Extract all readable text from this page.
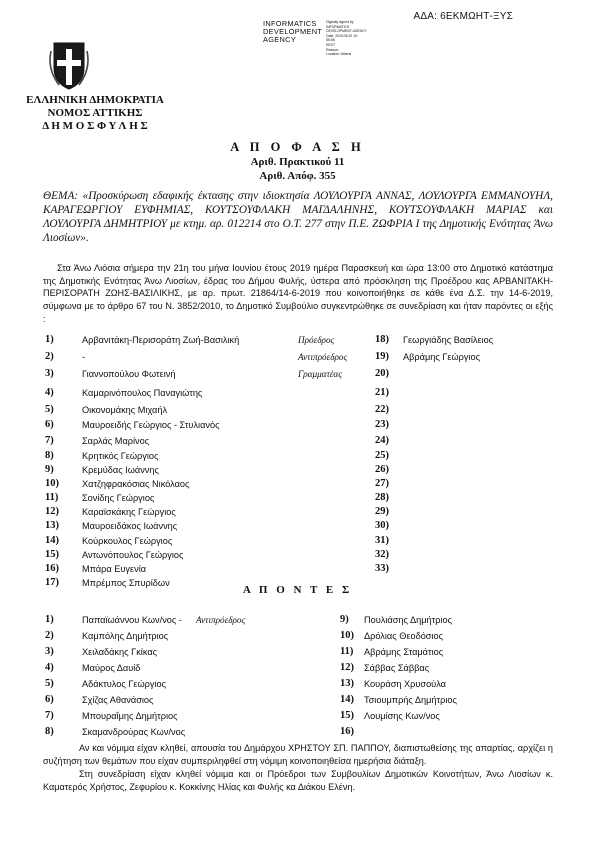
ΑΔΑ: 6ΕΚΜΩΗΤ-ΞΥΣ
INFORMATICS
DEVELOPMENT
AGENCY
Digitally signed by
INFORMATICS
DEVELOPMENT AGENCY
Date: 2019.06.20 10:
55:08
EEST
Reason:
Location: Athens
ΕΛΛΗΝΙΚΗ ΔΗΜΟΚΡΑΤΙΑ
ΝΟΜΟΣ ΑΤΤΙΚΗΣ
Δ Η Μ Ο Σ Φ Υ Λ Η Σ
Α Π Ο Φ Α Σ Η
Αριθ. Πρακτικού 11
Αριθ. Απόφ. 355
ΘΕΜΑ: «Προσκύρωση εδαφικής έκτασης στην ιδιοκτησία ΛΟΥΛΟΥΡΓΑ ΑΝΝΑΣ, ΛΟΥΛΟΥΡΓΑ ΕΜΜΑΝΟΥΗΛ, ΚΑΡΑΓΕΩΡΓΙΟΥ ΕΥΦΗΜΙΑΣ, ΚΟΥΤΣΟΥΦΛΑΚΗ ΜΑΓΔΑΛΗΝΗΣ, ΚΟΥΤΣΟΥΦΛΑΚΗ ΜΑΡΙΑΣ και ΛΟΥΛΟΥΡΓΑ ΔΗΜΗΤΡΙΟΥ με κτημ. αρ. 012214 στο Ο.Τ. 277 στην Π.Ε. ΖΩΦΡΙΑ Ι της Δημοτικής Ενότητας Άνω Λιοσίων».
Στα Άνω Λιόσια σήμερα την 21η του μήνα Ιουνίου έτους 2019 ημέρα Παρασκευή και ώρα 13:00 στο Δημοτικό κατάστημα της Δημοτικής Ενότητας Άνω Λιοσίων, έδρας του Δήμου Φυλής, ύστερα από πρόσκληση της Προέδρου κας ΑΡΒΑΝΙΤΑΚΗ-ΠΕΡΙΣΟΡΑΤΗ ΖΩΗΣ-ΒΑΣΙΛΙΚΗΣ, με αρ. πρωτ. 21864/14-6-2019 που κοινοποιήθηκε σε κάθε ένα Δ.Σ. την 14-6-2019, σύμφωνα με το άρθρο 67 του Ν. 3852/2010, το Δημοτικό Συμβούλιο συγκεντρώθηκε σε συνεδρίαση και ήταν παρόντες οι εξής :
1)	Αρβανιτάκη-Περισοράτη Ζωή-Βασιλική	Πρόεδρος
2)	-	Αντιπρόεδρος
3)	Γιαννοπούλου Φωτεινή	Γραμματέας
4)	Καμαρινόπουλος Παναγιώτης
5)	Οικονομάκης Μιχαήλ
6)	Μαυροειδής Γεώργιος - Στυλιανός
7)	Σαρλάς Μαρίνος
8)	Κρητικός Γεώργιος
9)	Κρεμύδας Ιωάννης
10)	Χατζηφρακόσιας Νικόλαος
11)	Σονίδης Γεώργιος
12)	Καραϊσκάκης Γεώργιος
13)	Μαυροειδάκος Ιωάννης
14)	Κούρκουλος Γεώργιος
15)	Αντωνόπουλος Γεώργιος
16)	Μπάρα Ευγενία
17)	Μπρέμπος Σπυρίδων
18) Γεωργιάδης Βασίλειος
19) Αβράμης Γεώργιος
20)
21)
22)
23)
24)
25)
26)
27)
28)
29)
30)
31)
32)
33)
Α Π Ο Ν Τ Ε Σ
1)	Παπαϊωάννου Κων/νος - Αντιπρόεδρος
2)	Καμπόλης Δημήτριος
3)	Χειλαδάκης Γκίκας
4)	Μαύρος Δαυίδ
5)	Αδάκτυλος Γεώργιος
6)	Σχίζας Αθανάσιος
7)	Μπουραΐμης Δημήτριος
8)	Σκαμανδρούρας Κων/νος
9) Πουλιάσης Δημήτριος
10) Δρόλιας Θεοδόσιος
11) Αβράμης Σταμάτιος
12) Σάββας Σάββας
13) Κουράση Χρυσούλα
14) Τσιουμπρής Δημήτριος
15) Λουμίσης Κων/νος
16)
Αν και νόμιμα είχαν κληθεί, απουσία του Δημάρχου ΧΡΗΣΤΟΥ ΣΠ. ΠΑΠΠΟΥ, διαπιστωθείσης της απαρτίας, αρχίζει η συζήτηση των θεμάτων που είχαν συμπεριληφθεί στη νόμιμη κοινοποιηθείσα ημερήσια διάταξη.
Στη συνεδρίαση είχαν κληθεί νόμιμα και οι Πρόεδροι των Συμβουλίων Δημοτικών Κοινοτήτων, Άνω Λιοσίων κ. Καματερός Χρήστος, Ζεφυρίου κ. Κοκκίνης Ηλίας και Φυλής κα Διάκου Ελένη.
